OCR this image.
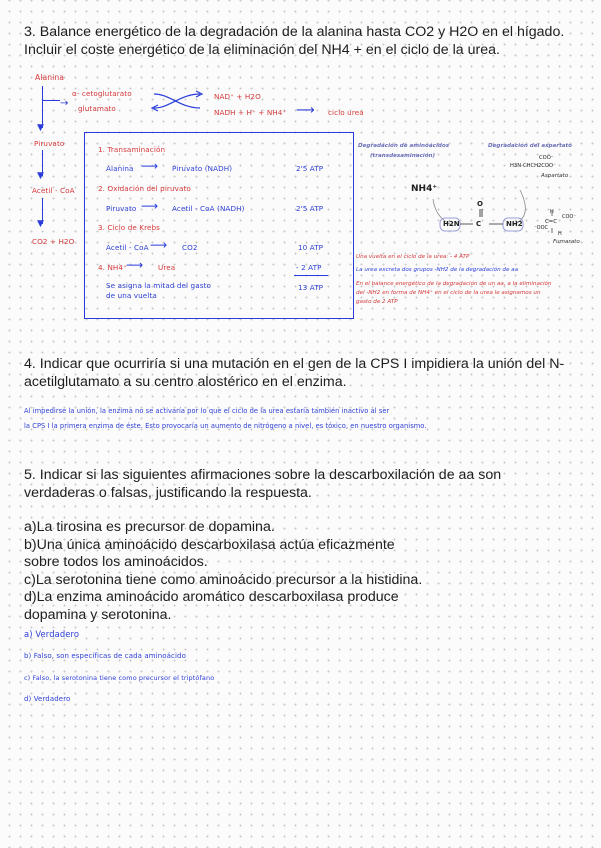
3. Balance energético de la degradación de la alanina hasta CO2 y H2O en el hígado.
Incluir el coste energético de la eliminación del NH4 + en el ciclo de la urea.
Alanina
▼
α- cetoglutarato
glutamato
→
NAD⁺ + H2O
NADH + H⁺ + NH4⁺ ⟶ ciclo urea
Piruvato
▼
Acetil - CoA
▼
CO2 + H2O
1. Transaminación
Alanina ⟶ Piruvato (NADH)	2'5 ATP
2. Oxidación del piruvato
Piruvato ⟶ Acetil - CoA (NADH)	2'5 ATP
3. Ciclo de Krebs
Acetil - CoA ⟶ CO2	10 ATP
4. NH4⁺ ⟶ Urea	- 2 ATP
Se asigna la mitad del gasto
de una vuelta
13 ATP
Degradación de aminoácidos
(transdesaminación)
Degradación del aspartato
COO⁻
H3N-CHCH2COO⁻
Aspartato
NH4⁺
O
H2N C	NH2
H
COO⁻
C=C
⁻OOC
H
Fumarato
Una vuelta en el ciclo de la urea: - 4 ATP
La urea excreta dos grupos -NH2 de la degradación de aa
En el balance energético de la degradación de un aa, a la eliminación
del -NH2 en forma de NH4⁺ en el ciclo de la urea le asignamos un
gasto de 2 ATP
4. Indicar que ocurriría si una mutación en el gen de la CPS I impidiera la unión del N-
acetilglutamato a su centro alostérico en el enzima.
Al impedirse la unión, la enzima no se activaría por lo que el ciclo de la urea estaría también inactivo al ser
la CPS I la primera enzima de éste. Esto provocaría un aumento de nitrógeno a nivel, es tóxico, en nuestro organismo.
5. Indicar si las siguientes afirmaciones sobre la descarboxilación de aa son
verdaderas o falsas, justificando la respuesta.
a)La tirosina es precursor de dopamina.
b)Una única aminoácido descarboxilasa actúa eficazmente
sobre todos los aminoácidos.
c)La serotonina tiene como aminoácido precursor a la histidina.
d)La enzima aminoácido aromático descarboxilasa produce
dopamina y serotonina.
a) Verdadero
b) Falso, son específicas de cada aminoácido
c) Falso, la serotonina tiene como precursor el triptófano
d) Verdadero
